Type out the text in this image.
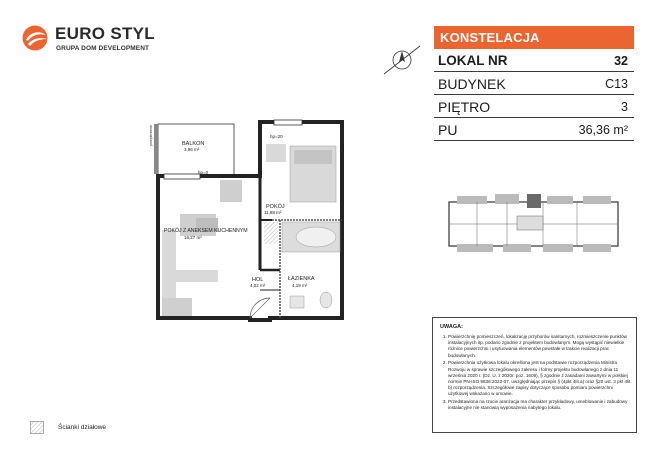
EURO STYL
GRUPA DOM DEVELOPMENT
BALKON
3,96 m²
hp=20
hp=0
POKÓJ
11,88 m²
POKÓJ Z ANEKSEM KUCHENNYM
16,27 m²
HOL
4,02 m²
ŁAZIENKA
4,19 m²
przepierzenie
KONSTELACJA
LOKAL NR	32
BUDYNEK	C13
PIĘTRO	3
PU	36,36 m²
UWAGA:
1. Powierzchnię pomieszczeń, lokalizację przyborów sanitarnych, rozmieszczenie punktów instalacyjnych itp. podano zgodnie z projektem budowlanym. Mogą wystąpić niewielkie różnice powierzchni i usytuowania elementów powstałe w trakcie realizacji prac budowlanych.
2. Powierzchnia użytkowa lokalu określona jest na podstawie rozporządzenia Ministra Rozwoju w sprawie szczegółowego zakresu i formy projektu budowlanego z dnia 11 września 2020 r. (Dz. U. z 2020r. poz. 1609), § zgodnie z zasadami zawartymi w polskiej normie PN-ISO 9836:2022-07, uwzględniając przepis § (4pkt 4lit.a) oraz §20 ust. 3 pkt 4lit. b) rozporządzenia. Szczegółowe zapisy dotyczące sposobu pomiaru powierzchni użytkowej wskazano w umowie.
3. Przedstawiona na rzucie aranżacja ma charakter przykładowy, umeblowanie i zabudowy instalacyjne nie stanowią wyposażenia nabytego lokalu.
Ścianki działowe
